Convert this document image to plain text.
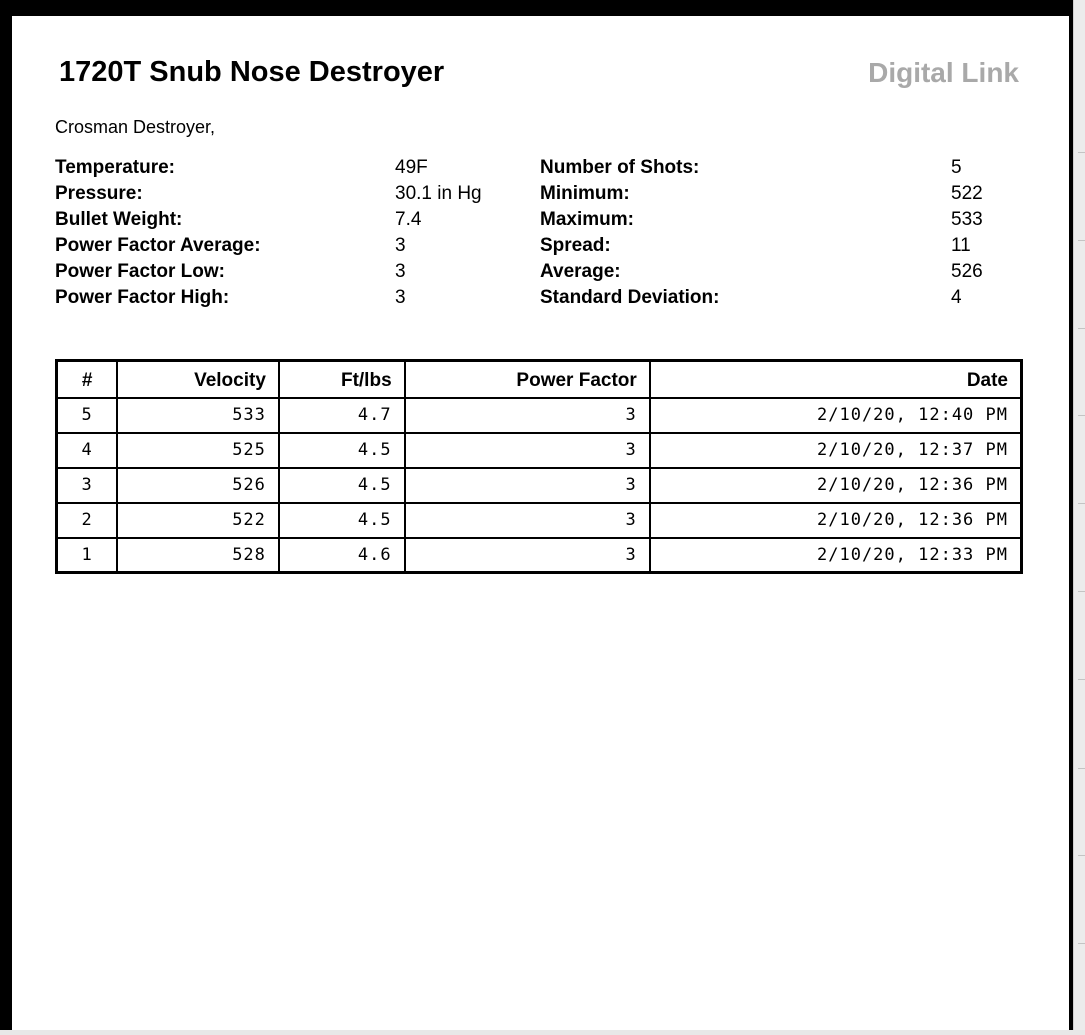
1720T Snub Nose Destroyer	Digital Link
Crosman Destroyer,
Temperature:	49F
Pressure:	30.1 in Hg
Bullet Weight:	7.4
Power Factor Average:	3
Power Factor Low:	3
Power Factor High:	3
Number of Shots:	5
Minimum:	522
Maximum:	533
Spread:	11
Average:	526
Standard Deviation:	4
#	Velocity	Ft/lbs	Power Factor	Date
5	533	4.7	3	2/10/20, 12:40 PM
4	525	4.5	3	2/10/20, 12:37 PM
3	526	4.5	3	2/10/20, 12:36 PM
2	522	4.5	3	2/10/20, 12:36 PM
1	528	4.6	3	2/10/20, 12:33 PM
